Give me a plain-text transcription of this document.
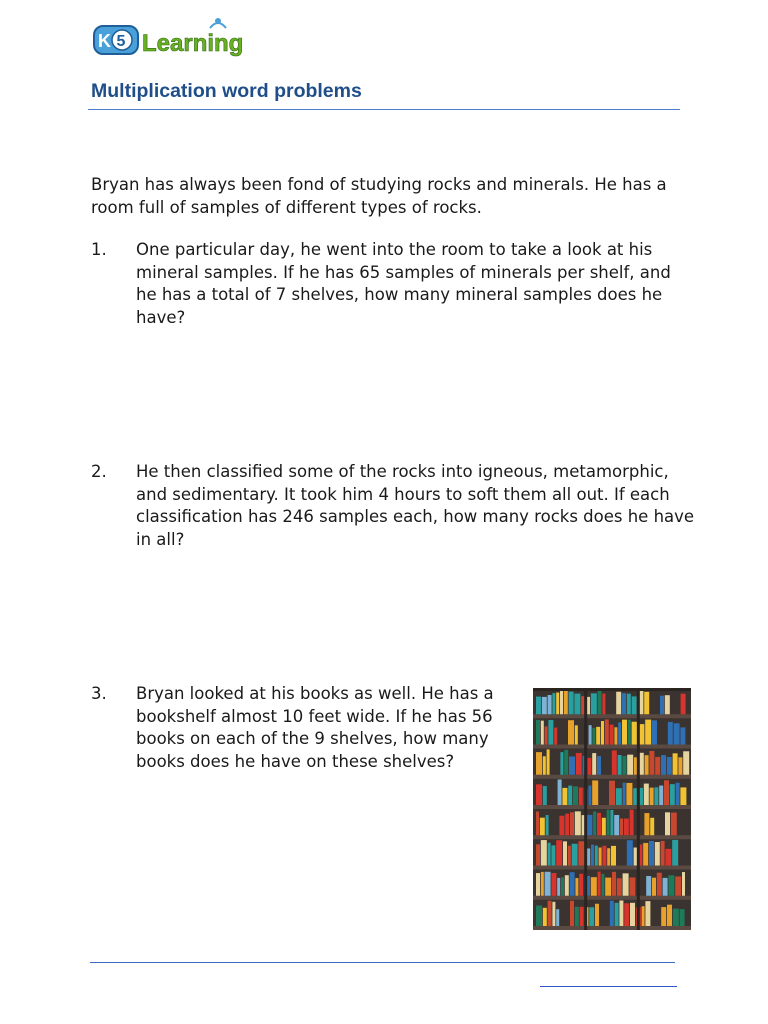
K 5 Learning
Multiplication word problems

Bryan has always been fond of studying rocks and minerals. He has a room full of samples of different types of rocks.

1. One particular day, he went into the room to take a look at his mineral samples. If he has 65 samples of minerals per shelf, and he has a total of 7 shelves, how many mineral samples does he have?

2. He then classified some of the rocks into igneous, metamorphic, and sedimentary. It took him 4 hours to soft them all out. If each classification has 246 samples each, how many rocks does he have in all?

3. Bryan looked at his books as well. He has a bookshelf almost 10 feet wide. If he has 56 books on each of the 9 shelves, how many books does he have on these shelves?
